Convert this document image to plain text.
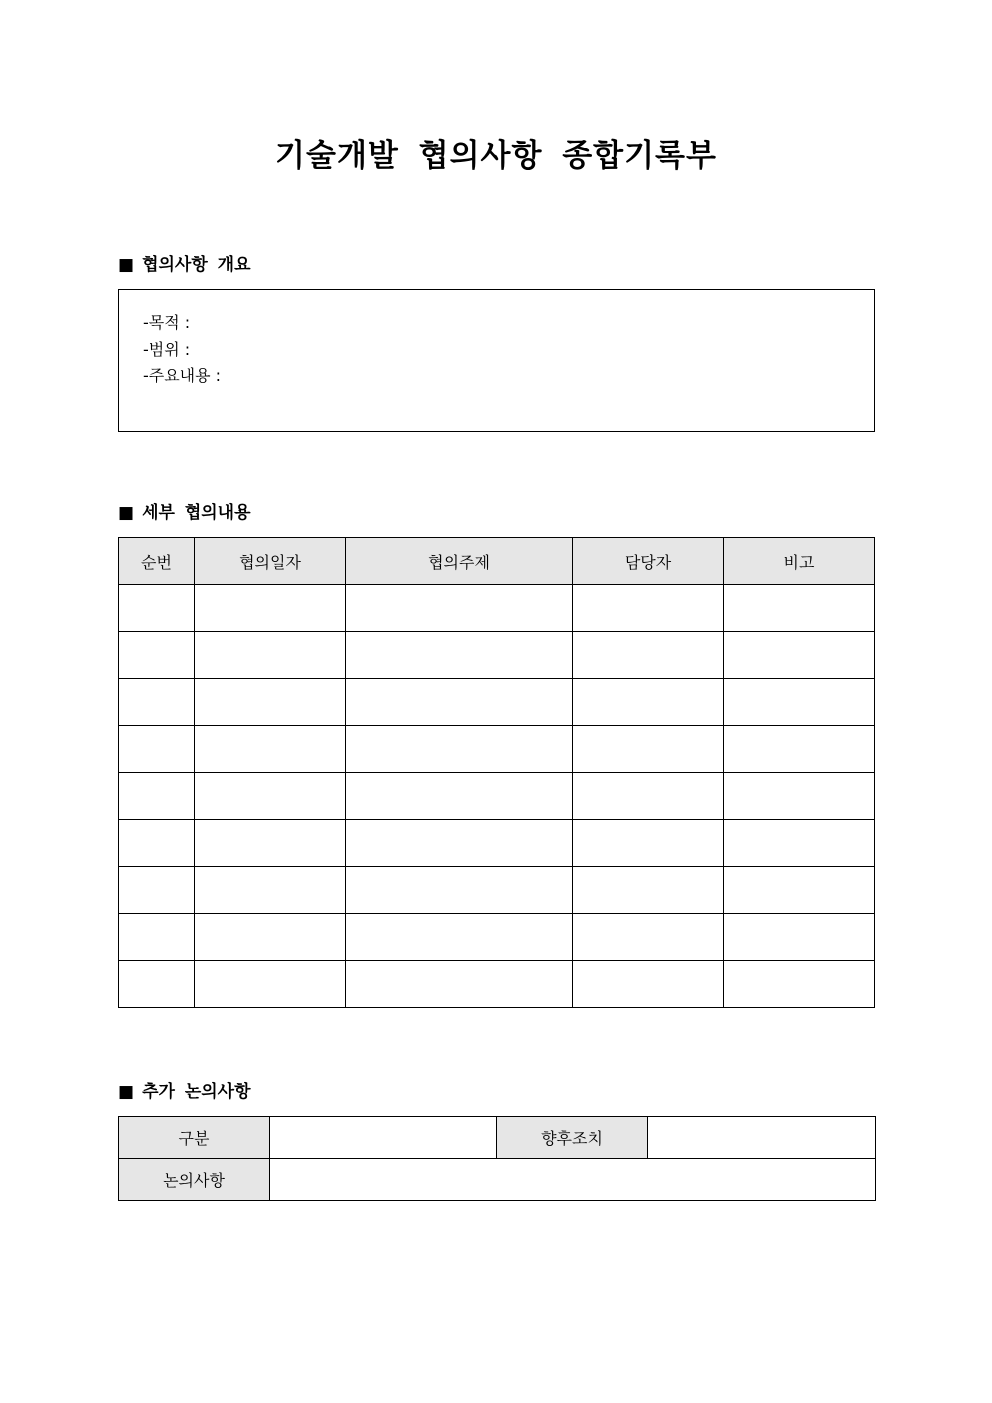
기술개발 협의사항 종합기록부
■ 협의사항 개요
-목적 :
-범위 :
-주요내용 :
■ 세부 협의내용
순번	협의일자	협의주제	담당자	비고

■ 추가 논의사항
구분		향후조치	
논의사항			
